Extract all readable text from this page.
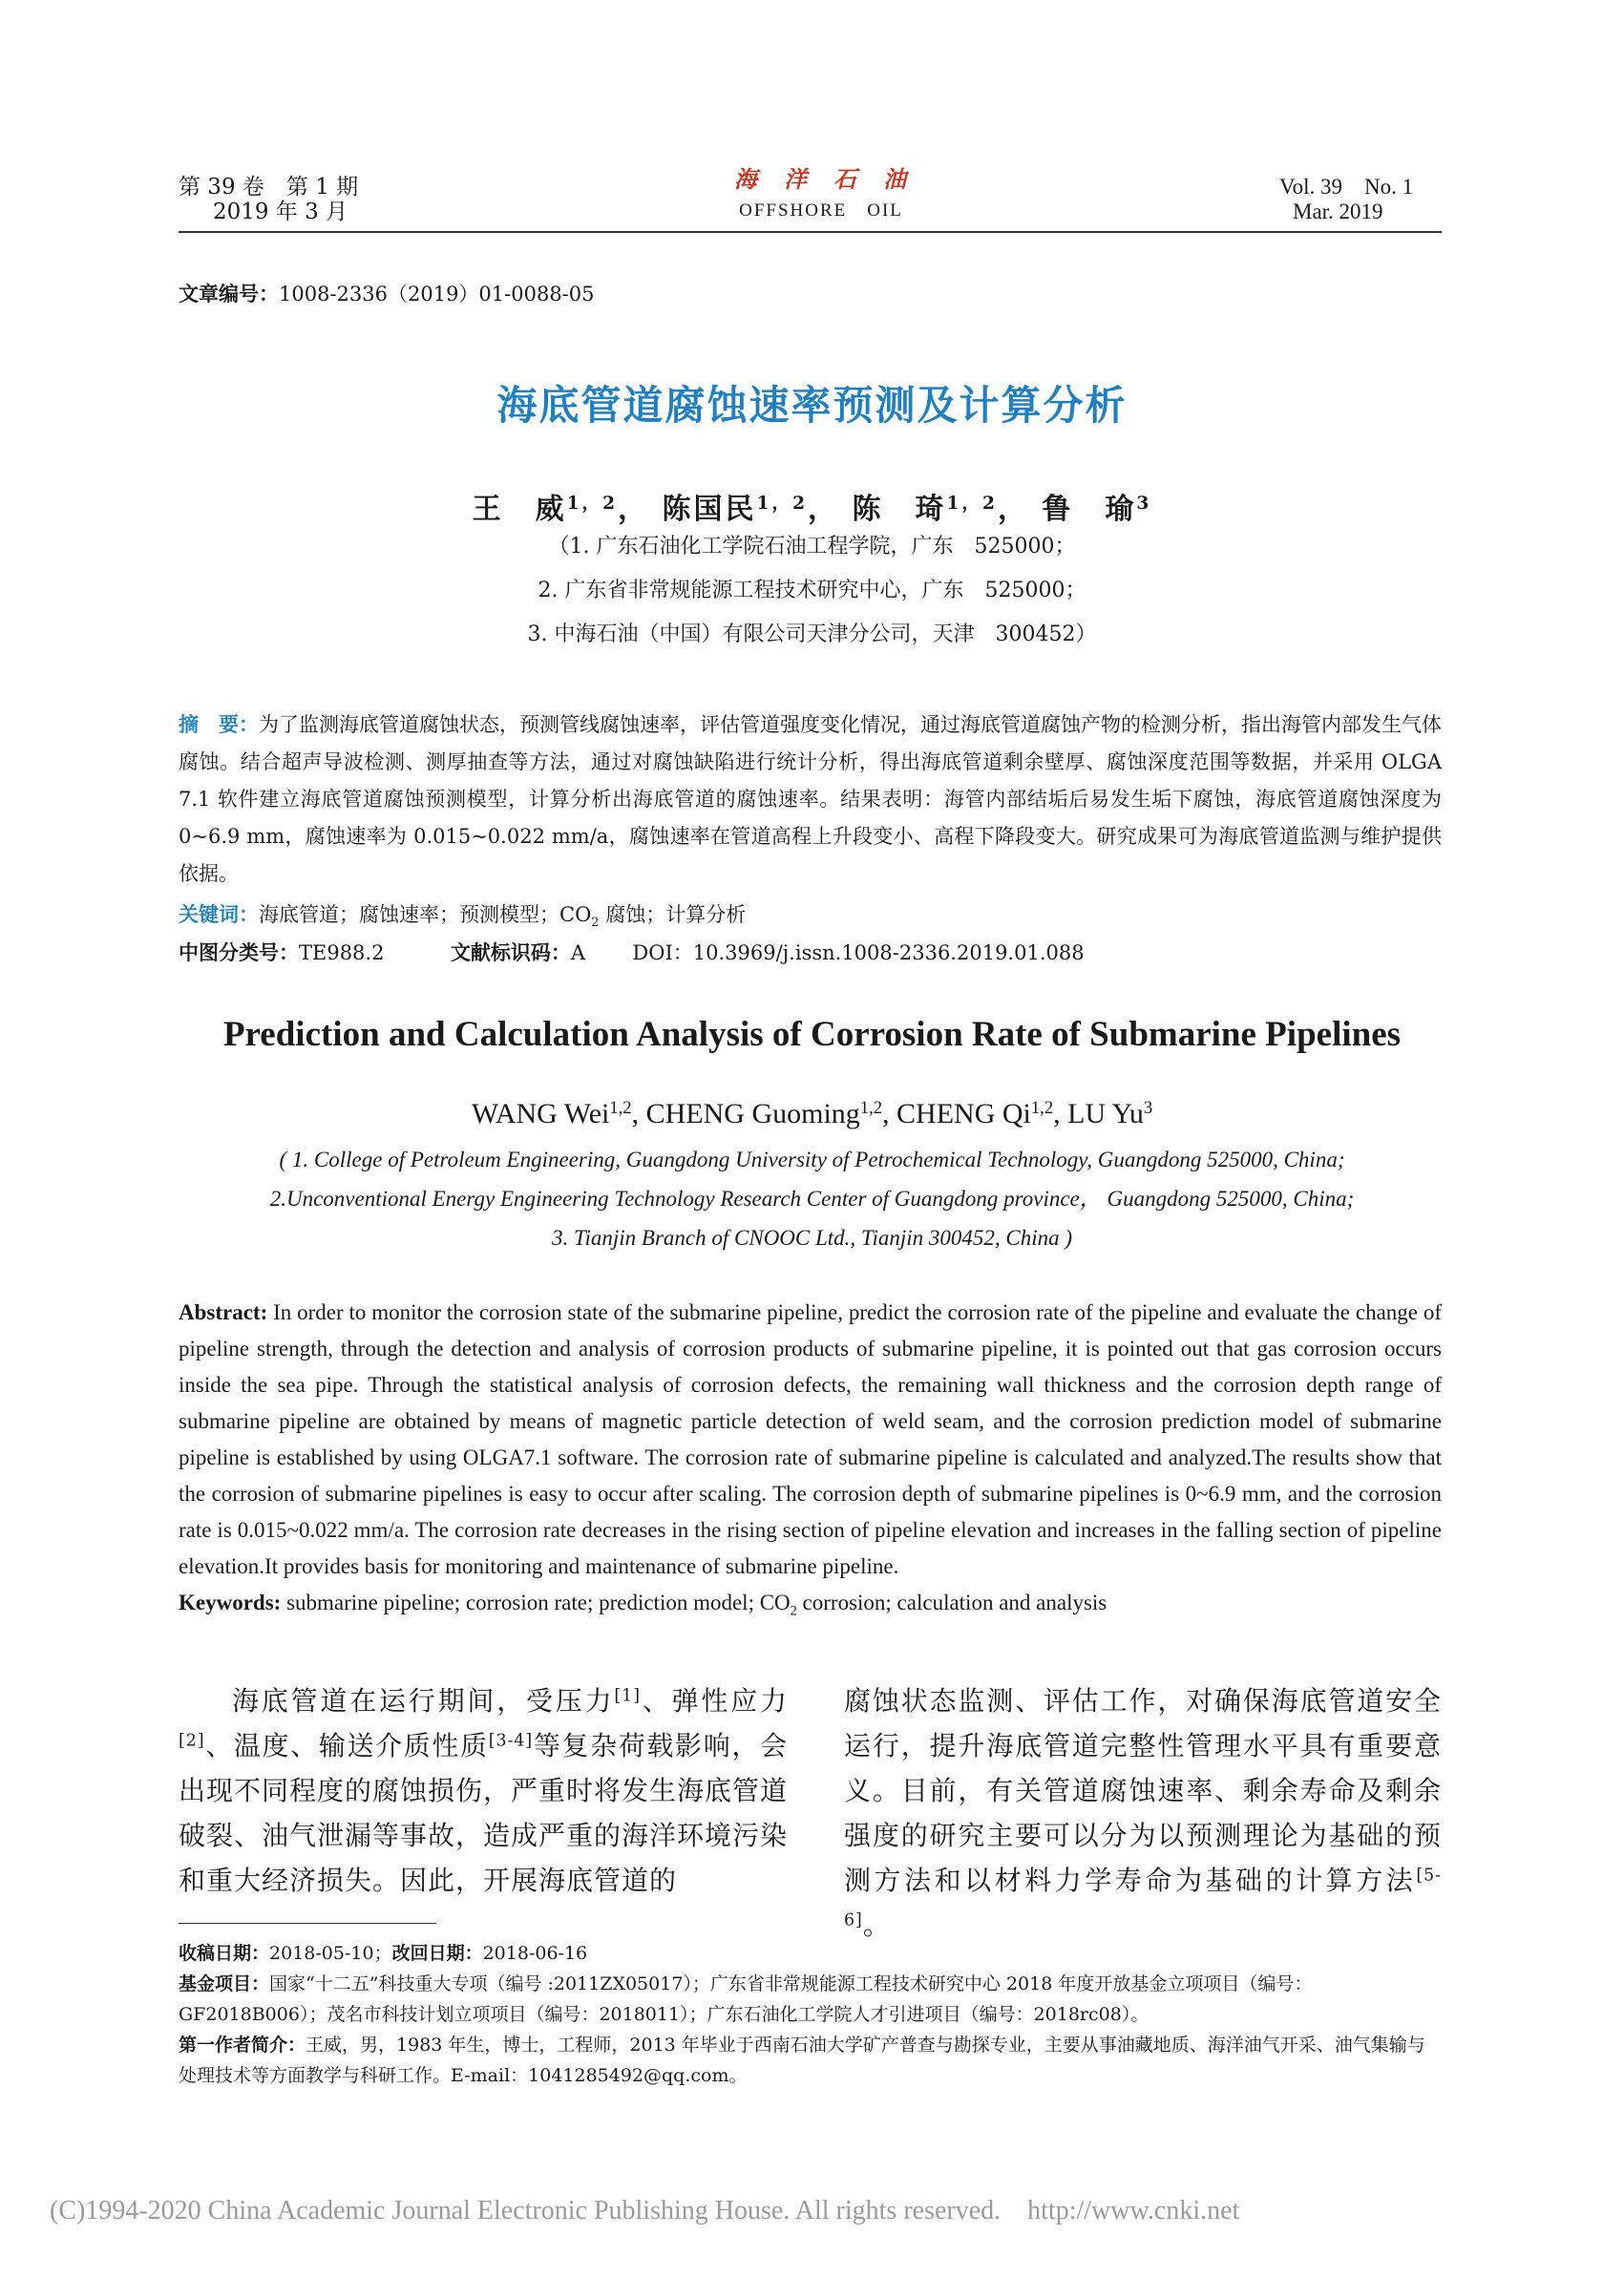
第 39 卷　第 1 期
2019 年 3 月
海　洋　石　油
OFFSHORE　OIL
Vol. 39　No. 1
Mar. 2019
文章编号：1008-2336（2019）01-0088-05
海底管道腐蚀速率预测及计算分析
王　威$^{1,2}$， 陈国民$^{1,2}$， 陈　琦$^{1,2}$， 鲁　瑜$^3$
（1. 广东石油化工学院石油工程学院，广东　525000；
2. 广东省非常规能源工程技术研究中心，广东　525000；
3. 中海石油（中国）有限公司天津分公司，天津　300452）
摘　要：为了监测海底管道腐蚀状态，预测管线腐蚀速率，评估管道强度变化情况，通过海底管道腐蚀产物的检测分析，指出海管内部发生气体腐蚀。结合超声导波检测、测厚抽查等方法，通过对腐蚀缺陷进行统计分析，得出海底管道剩余壁厚、腐蚀深度范围等数据，并采用 OLGA 7.1 软件建立海底管道腐蚀预测模型，计算分析出海底管道的腐蚀速率。结果表明：海管内部结垢后易发生垢下腐蚀，海底管道腐蚀深度为 0~6.9 mm，腐蚀速率为 0.015~0.022 mm/a，腐蚀速率在管道高程上升段变小、高程下降段变大。研究成果可为海底管道监测与维护提供依据。
关键词：海底管道；腐蚀速率；预测模型；$CO_2$ 腐蚀；计算分析
中图分类号：TE988.2	文献标识码：A DOI：10.3969/j.issn.1008-2336.2019.01.088
Prediction and Calculation Analysis of Corrosion Rate of Submarine Pipelines
WANG Wei$^{1,2}$, CHENG Guoming$^{1,2}$, CHENG Qi$^{1,2}$, LU Yu$^3$
( 1. College of Petroleum Engineering, Guangdong University of Petrochemical Technology, Guangdong 525000, China;
2.Unconventional Energy Engineering Technology Research Center of Guangdong province， Guangdong 525000, China;
3. Tianjin Branch of CNOOC Ltd., Tianjin 300452, China )
Abstract: In order to monitor the corrosion state of the submarine pipeline, predict the corrosion rate of the pipeline and evaluate the change of pipeline strength, through the detection and analysis of corrosion products of submarine pipeline, it is pointed out that gas corrosion occurs inside the sea pipe. Through the statistical analysis of corrosion defects, the remaining wall thickness and the corrosion depth range of submarine pipeline are obtained by means of magnetic particle detection of weld seam, and the corrosion prediction model of submarine pipeline is established by using OLGA7.1 software. The corrosion rate of submarine pipeline is calculated and analyzed.The results show that the corrosion of submarine pipelines is easy to occur after scaling. The corrosion depth of submarine pipelines is 0~6.9 mm, and the corrosion rate is 0.015~0.022 mm/a. The corrosion rate decreases in the rising section of pipeline elevation and increases in the falling section of pipeline elevation.It provides basis for monitoring and maintenance of submarine pipeline.
Keywords: submarine pipeline; corrosion rate; prediction model; $CO_2$ corrosion; calculation and analysis
海底管道在运行期间，受压力[1]、弹性应力[2]、温度、输送介质性质[3-4]等复杂荷载影响，会出现不同程度的腐蚀损伤，严重时将发生海底管道破裂、油气泄漏等事故，造成严重的海洋环境污染和重大经济损失。因此，开展海底管道的
腐蚀状态监测、评估工作，对确保海底管道安全运行，提升海底管道完整性管理水平具有重要意义。目前，有关管道腐蚀速率、剩余寿命及剩余强度的研究主要可以分为以预测理论为基础的预测方法和以材料力学寿命为基础的计算方法[5-6]。
收稿日期：2018-05-10；改回日期：2018-06-16
基金项目：国家“十二五”科技重大专项（编号 :2011ZX05017）；广东省非常规能源工程技术研究中心 2018 年度开放基金立项项目（编号：GF2018B006）；茂名市科技计划立项项目（编号：2018011）；广东石油化工学院人才引进项目（编号：2018rc08）。
第一作者简介：王威，男，1983 年生，博士，工程师，2013 年毕业于西南石油大学矿产普查与勘探专业，主要从事油藏地质、海洋油气开采、油气集输与处理技术等方面教学与科研工作。E-mail：1041285492@qq.com。
(C)1994-2020 China Academic Journal Electronic Publishing House. All rights reserved. http://www.cnki.net
